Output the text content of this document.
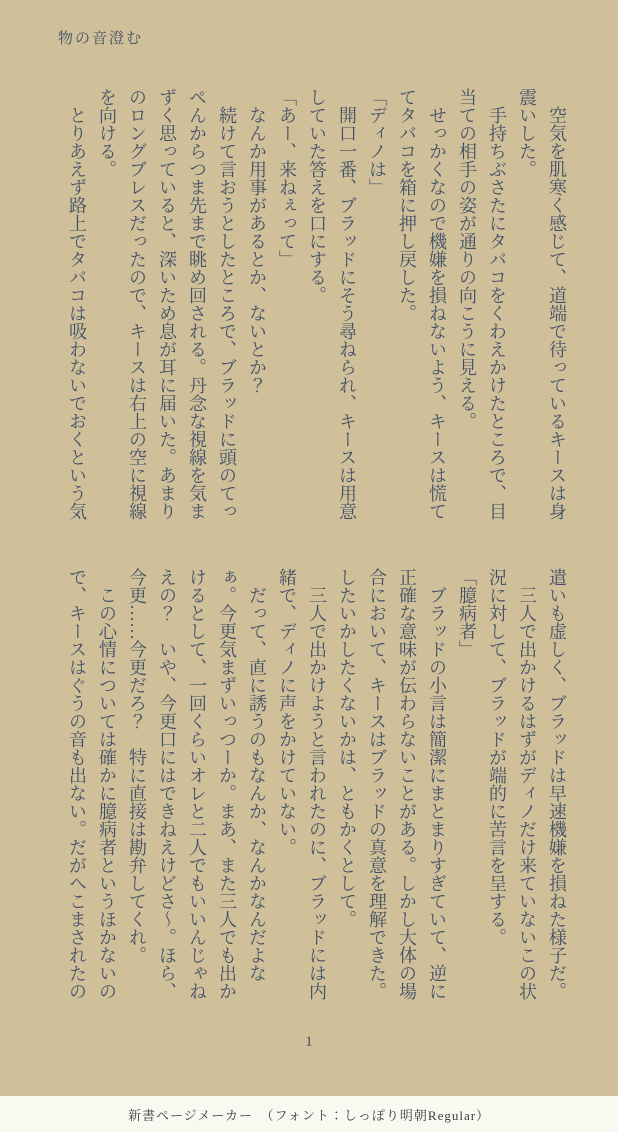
物の音澄む

　空気を肌寒く感じて、道端で待っているキースは身震いした。

　手持ちぶさたにタバコをくわえかけたところで、目当ての相手の姿が通りの向こうに見える。

　せっかくなので機嫌を損ねないよう、キースは慌ててタバコを箱に押し戻した。

「ディノは」

　開口一番、ブラッドにそう尋ねられ、キースは用意していた答えを口にする。

「あー、来ねぇって」

　なんか用事があるとか、ないとか？

　続けて言おうとしたところで、ブラッドに頭のてっぺんからつま先まで眺め回される。丹念な視線を気まずく思っていると、深いため息が耳に届いた。あまりのロングブレスだったので、キースは右上の空に視線を向ける。

　とりあえず路上でタバコは吸わないでおくという気

遣いも虚しく、ブラッドは早速機嫌を損ねた様子だ。

　三人で出かけるはずがディノだけ来ていないこの状況に対して、ブラッドが端的に苦言を呈する。

「臆病者」

　ブラッドの小言は簡潔にまとまりすぎていて、逆に正確な意味が伝わらないことがある。しかし大体の場合において、キースはブラッドの真意を理解できた。

したいかしたくないかは、ともかくとして。

　三人で出かけようと言われたのに、ブラッドには内緒で、ディノに声をかけていない。

　だって、直に誘うのもなんか、なんかなんだよなぁ。今更気まずいっつーか。まあ、また三人でも出かけるとして、一回くらいオレと二人でもいいんじゃねえの？　いや、今更口にはできねえけどさ～。ほら、今更……今更だろ？　特に直接は勘弁してくれ。

　この心情については確かに臆病者というほかないので、キースはぐうの音も出ない。だがへこまされたの

1
新書ページメーカー　（フォント：しっぽり明朝Regular）
